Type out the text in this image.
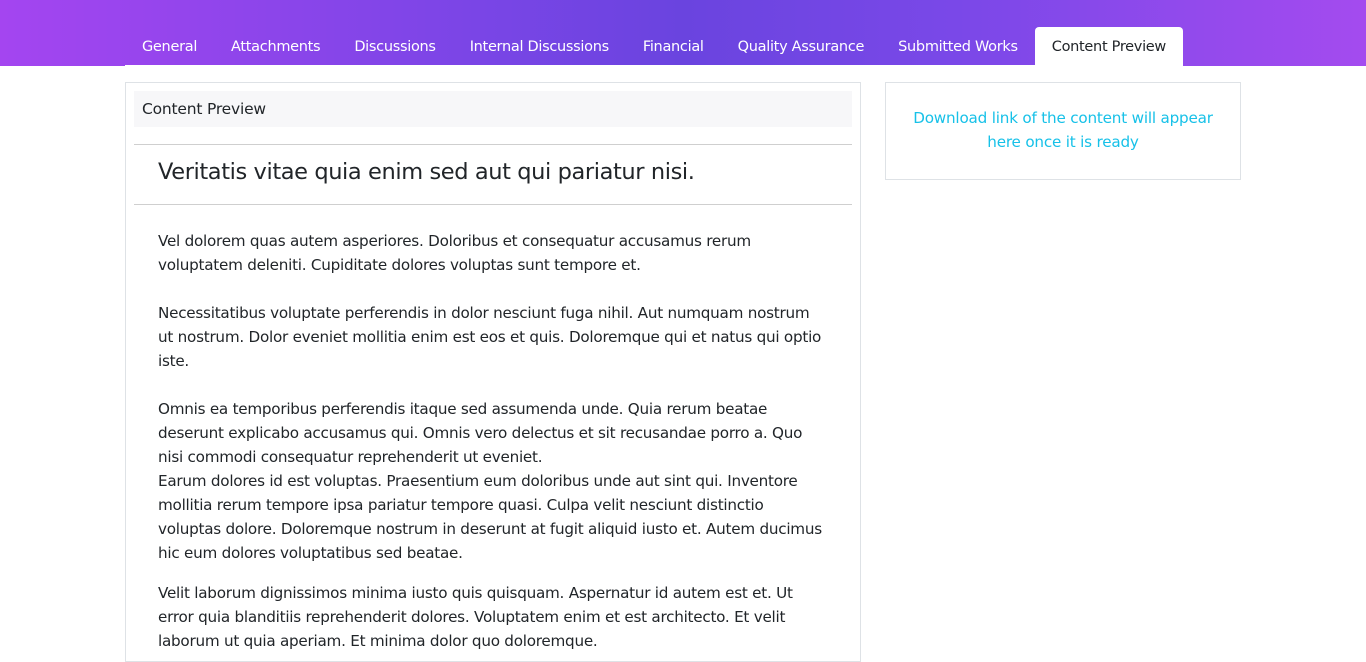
General	Attachments	Discussions	Internal Discussions	Financial	Quality Assurance	Submitted Works	Content Preview
Content Preview
Veritatis vitae quia enim sed aut qui pariatur nisi.

Vel dolorem quas autem asperiores. Doloribus et consequatur accusamus rerum voluptatem deleniti. Cupiditate dolores voluptas sunt tempore et.

Necessitatibus voluptate perferendis in dolor nesciunt fuga nihil. Aut numquam nostrum ut nostrum. Dolor eveniet mollitia enim est eos et quis. Doloremque qui et natus qui optio iste.

Omnis ea temporibus perferendis itaque sed assumenda unde. Quia rerum beatae deserunt explicabo accusamus qui. Omnis vero delectus et sit recusandae porro a. Quo nisi commodi consequatur reprehenderit ut eveniet.

Earum dolores id est voluptas. Praesentium eum doloribus unde aut sint qui. Inventore mollitia rerum tempore ipsa pariatur tempore quasi. Culpa velit nesciunt distinctio voluptas dolore. Doloremque nostrum in deserunt at fugit aliquid iusto et. Autem ducimus hic eum dolores voluptatibus sed beatae.

Velit laborum dignissimos minima iusto quis quisquam. Aspernatur id autem est et. Ut error quia blanditiis reprehenderit dolores. Voluptatem enim et est architecto. Et velit laborum ut quia aperiam. Et minima dolor quo doloremque.

Download link of the content will appear here once it is ready
